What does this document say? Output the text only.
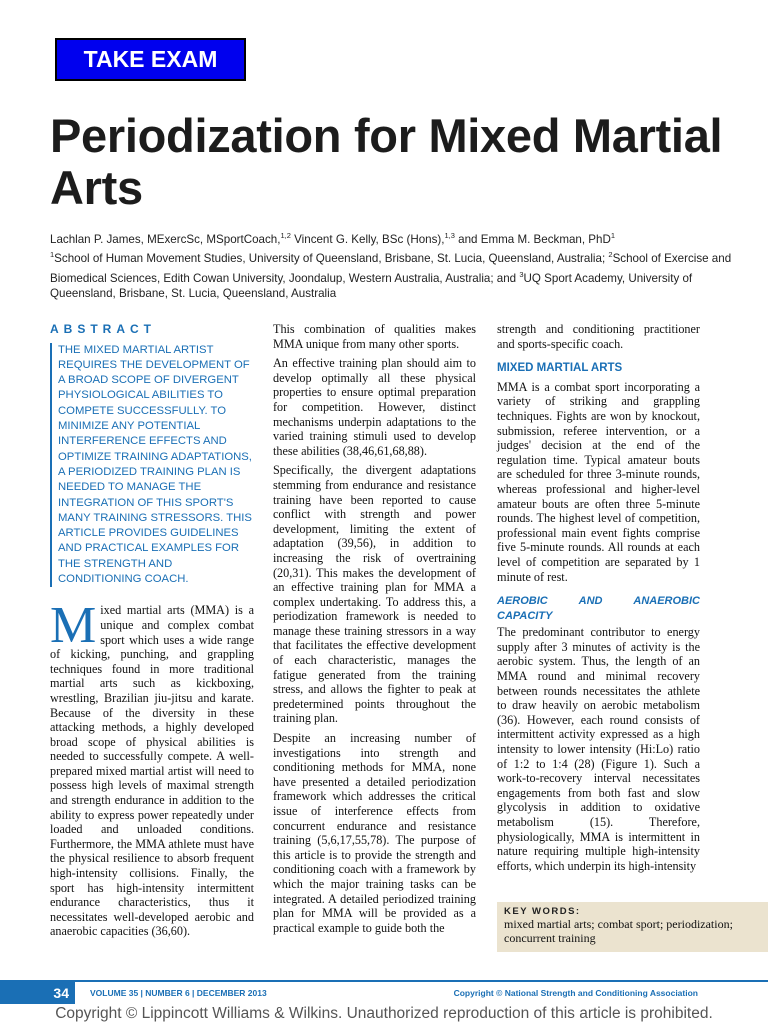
TAKE EXAM
Periodization for Mixed Martial Arts
Lachlan P. James, MExercSc, MSportCoach,$^{1,2}$ Vincent G. Kelly, BSc (Hons),$^{1,3}$ and Emma M. Beckman, PhD$^1$
$^1$School of Human Movement Studies, University of Queensland, Brisbane, St. Lucia, Queensland, Australia; $^2$School of Exercise and Biomedical Sciences, Edith Cowan University, Joondalup, Western Australia, Australia; and $^3$UQ Sport Academy, University of Queensland, Brisbane, St. Lucia, Queensland, Australia
ABSTRACT
THE MIXED MARTIAL ARTIST REQUIRES THE DEVELOPMENT OF A BROAD SCOPE OF DIVERGENT PHYSIOLOGICAL ABILITIES TO COMPETE SUCCESSFULLY. TO MINIMIZE ANY POTENTIAL INTERFERENCE EFFECTS AND OPTIMIZE TRAINING ADAPTATIONS, A PERIODIZED TRAINING PLAN IS NEEDED TO MANAGE THE INTEGRATION OF THIS SPORT'S MANY TRAINING STRESSORS. THIS ARTICLE PROVIDES GUIDELINES AND PRACTICAL EXAMPLES FOR THE STRENGTH AND CONDITIONING COACH.

Mixed martial arts (MMA) is a unique and complex combat sport which uses a wide range of kicking, punching, and grappling techniques found in more traditional martial arts such as kickboxing, wrestling, Brazilian jiu-jitsu and karate. Because of the diversity in these attacking methods, a highly developed broad scope of physical abilities is needed to successfully compete. A well-prepared mixed martial artist will need to possess high levels of maximal strength and strength endurance in addition to the ability to express power repeatedly under loaded and unloaded conditions. Furthermore, the MMA athlete must have the physical resilience to absorb frequent high-intensity collisions. Finally, the sport has high-intensity intermittent endurance characteristics, thus it necessitates well-developed aerobic and anaerobic capacities (36,60).

This combination of qualities makes MMA unique from many other sports.

An effective training plan should aim to develop optimally all these physical properties to ensure optimal preparation for competition. However, distinct mechanisms underpin adaptations to the varied training stimuli used to develop these abilities (38,46,61,68,88).

Specifically, the divergent adaptations stemming from endurance and resistance training have been reported to cause conflict with strength and power development, limiting the extent of adaptation (39,56), in addition to increasing the risk of overtraining (20,31). This makes the development of an effective training plan for MMA a complex undertaking. To address this, a periodization framework is needed to manage these training stressors in a way that facilitates the effective development of each characteristic, manages the fatigue generated from the training stress, and allows the fighter to peak at predetermined points throughout the training plan.

Despite an increasing number of investigations into strength and conditioning methods for MMA, none have presented a detailed periodization framework which addresses the critical issue of interference effects from concurrent endurance and resistance training (5,6,17,55,78). The purpose of this article is to provide the strength and conditioning coach with a framework by which the major training tasks can be integrated. A detailed periodized training plan for MMA will be provided as a practical example to guide both the

strength and conditioning practitioner and sports-specific coach.

MIXED MARTIAL ARTS

MMA is a combat sport incorporating a variety of striking and grappling techniques. Fights are won by knockout, submission, referee intervention, or a judges' decision at the end of the regulation time. Typical amateur bouts are scheduled for three 3-minute rounds, whereas professional and higher-level amateur bouts are often three 5-minute rounds. The highest level of competition, professional main event fights comprise five 5-minute rounds. All rounds at each level of competition are separated by 1 minute of rest.

AEROBIC AND ANAEROBIC CAPACITY

The predominant contributor to energy supply after 3 minutes of activity is the aerobic system. Thus, the length of an MMA round and minimal recovery between rounds necessitates the athlete to draw heavily on aerobic metabolism (36). However, each round consists of intermittent activity expressed as a high intensity to lower intensity (Hi:Lo) ratio of 1:2 to 1:4 (28) (Figure 1). Such a work-to-recovery interval necessitates engagements from both fast and slow glycolysis in addition to oxidative metabolism (15). Therefore, physiologically, MMA is intermittent in nature requiring multiple high-intensity efforts, which underpin its high-intensity

KEY WORDS:
mixed martial arts; combat sport; periodization; concurrent training
34	VOLUME 35 | NUMBER 6 | DECEMBER 2013	Copyright © National Strength and Conditioning Association
Copyright © Lippincott Williams & Wilkins. Unauthorized reproduction of this article is prohibited.
